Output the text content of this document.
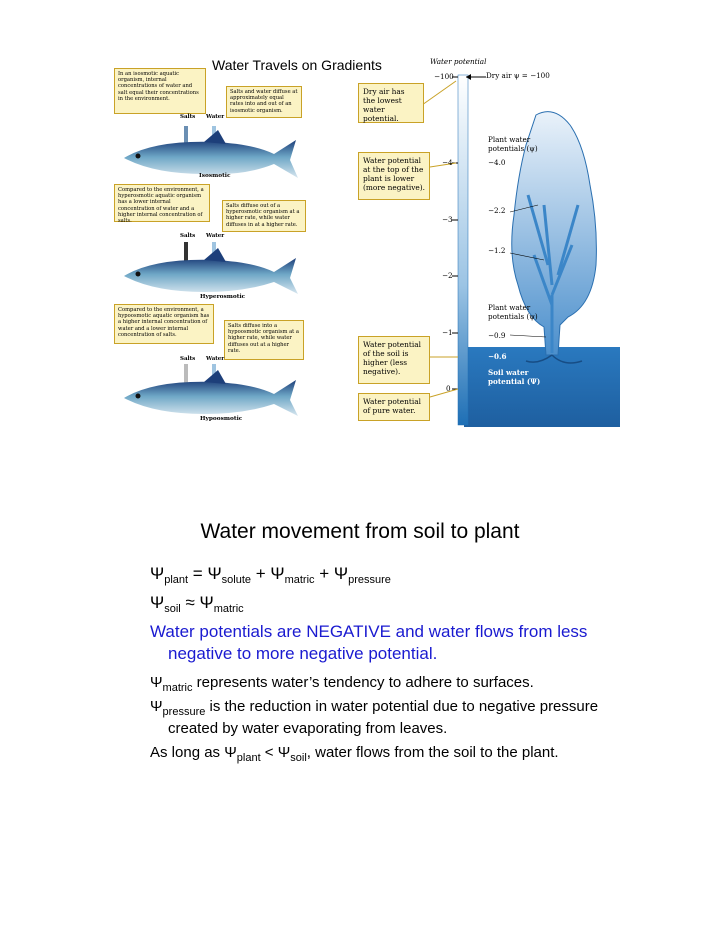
Water Travels on Gradients
In an isosmotic aquatic organism, internal concentrations of water and salt equal their concentrations in the environment.
Salts and water diffuse at approximately equal rates into and out of an isosmotic organism.
Salts Water
Isosmotic
Compared to the environment, a hyperosmotic aquatic organism has a lower internal concentration of water and a higher internal concentration of salts.
Salts diffuse out of a hyperosmotic organism at a higher rate, while water diffuses in at a higher rate.
Salts Water
Hyperosmotic
Compared to the environment, a hypoosmotic aquatic organism has a higher internal concentration of water and a lower internal concentration of salts.
Salts diffuse into a hypoosmotic organism at a higher rate, while water diffuses out at a higher rate.
Salts Water
Hypoosmotic
Water potential
Dry air ψ = −100
−100
−4
−3
−2
−1
0
Dry air has the lowest water potential.
Water potential at the top of the plant is lower (more negative).
Water potential of the soil is higher (less negative).
Water potential of pure water.
Plant water potentials (ψ)
−4.0
−2.2
−1.2
Plant water potentials (ψ)
−0.9
−0.6
Soil water potential (Ψ)
Water movement from soil to plant
$\Psi_{plant} = \Psi_{solute} + \Psi_{matric} + \Psi_{pressure}$
$\Psi_{soil} \approx \Psi_{matric}$
Water potentials are NEGATIVE and water flows from less negative to more negative potential.
$\Psi_{matric}$ represents water’s tendency to adhere to surfaces.
$\Psi_{pressure}$ is the reduction in water potential due to negative pressure created by water evaporating from leaves.
As long as $\Psi_{plant} < \Psi_{soil}$, water flows from the soil to the plant.
